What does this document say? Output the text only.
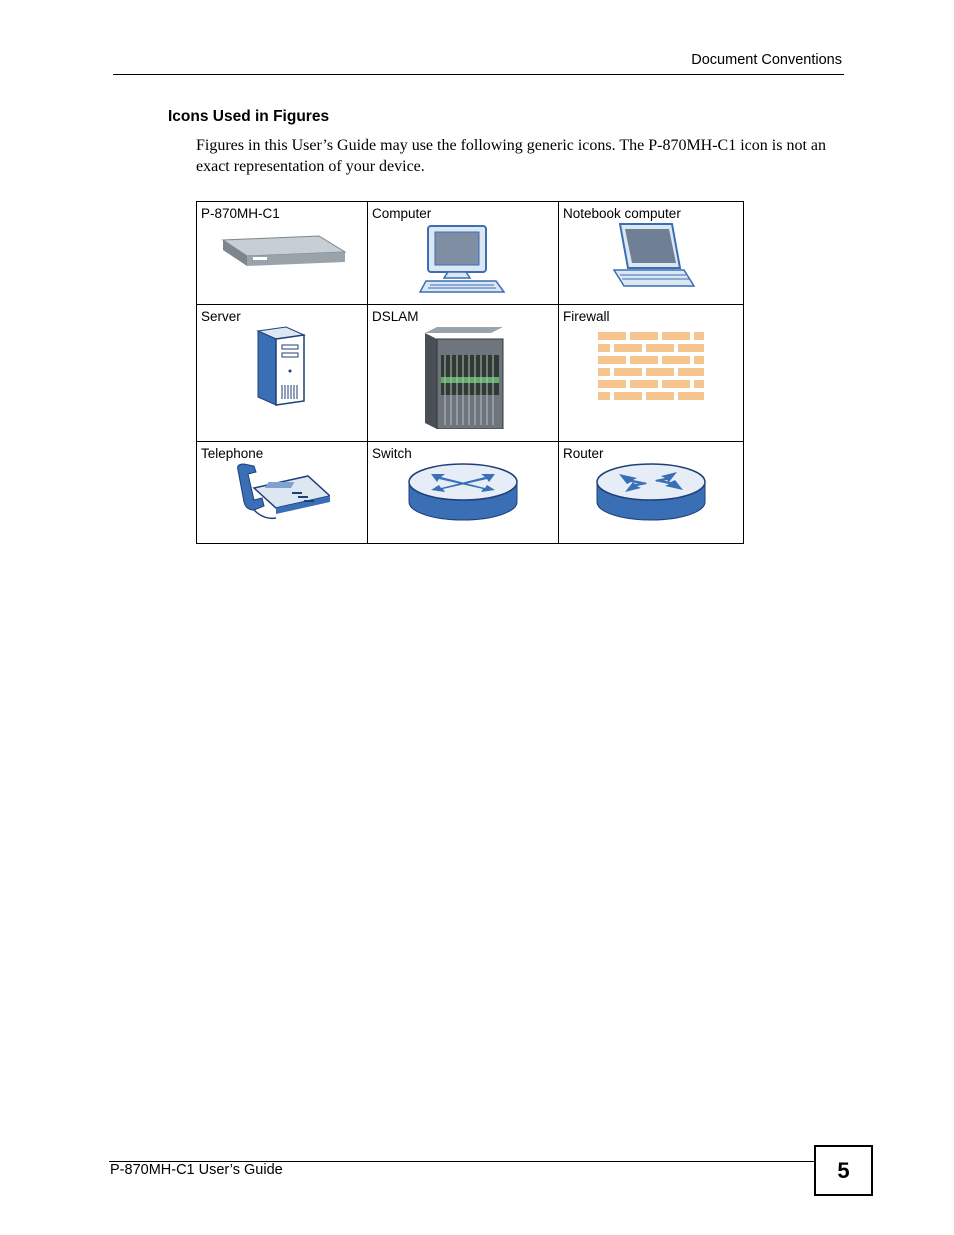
Document Conventions
Icons Used in Figures
Figures in this User’s Guide may use the following generic icons. The P-870MH-C1 icon is not an exact representation of your device.
P-870MH-C1	Computer	Notebook computer

Server	DSLAM	Firewall

Telephone	Switch	Router
P-870MH-C1 User’s Guide	5
